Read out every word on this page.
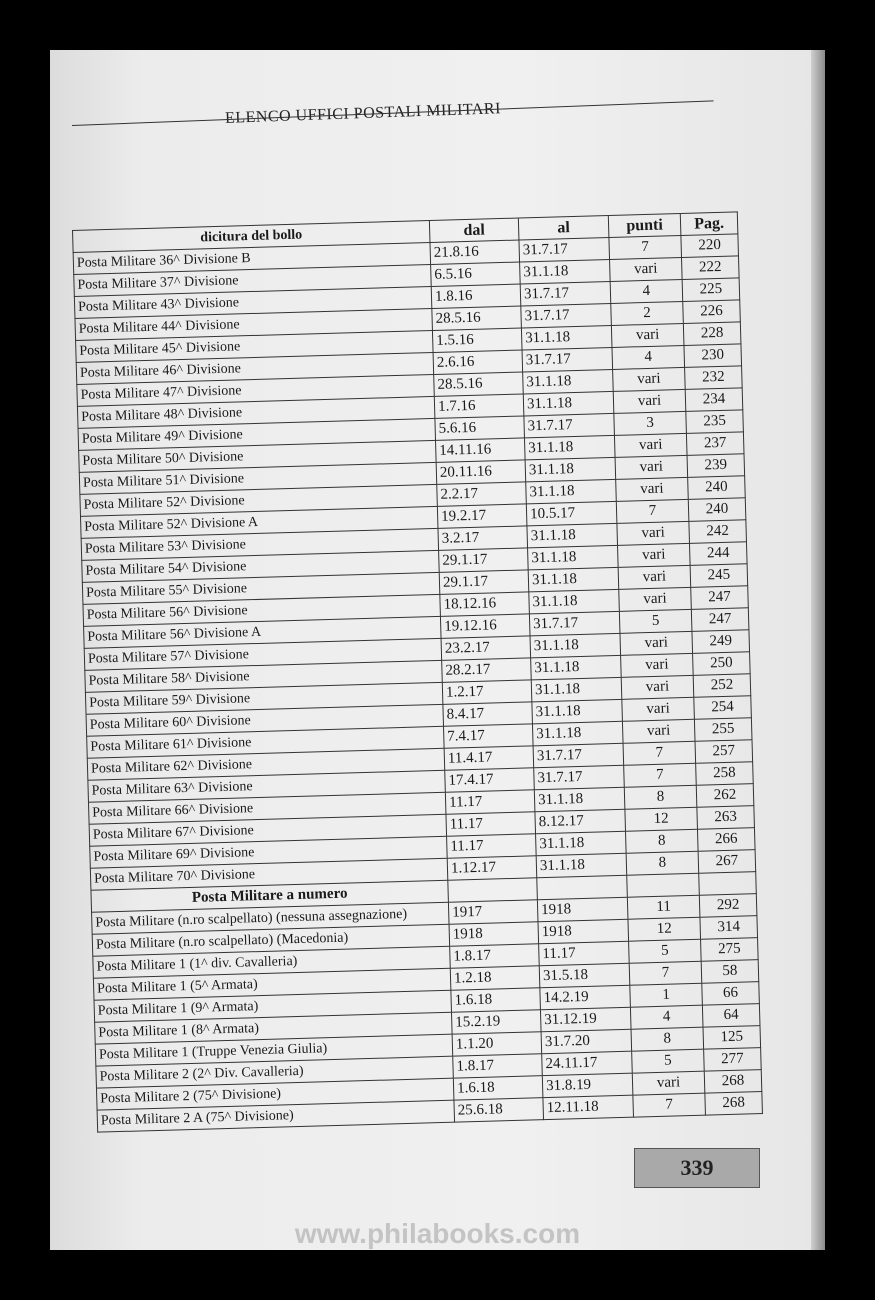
ELENCO UFFICI POSTALI MILITARI
dicitura del bollo	dal	al	punti	Pag.
Posta Militare 36^ Divisione B	21.8.16	31.7.17	7	220
Posta Militare 37^ Divisione	6.5.16	31.1.18	vari	222
Posta Militare 43^ Divisione	1.8.16	31.7.17	4	225
Posta Militare 44^ Divisione	28.5.16	31.7.17	2	226
Posta Militare 45^ Divisione	1.5.16	31.1.18	vari	228
Posta Militare 46^ Divisione	2.6.16	31.7.17	4	230
Posta Militare 47^ Divisione	28.5.16	31.1.18	vari	232
Posta Militare 48^ Divisione	1.7.16	31.1.18	vari	234
Posta Militare 49^ Divisione	5.6.16	31.7.17	3	235
Posta Militare 50^ Divisione	14.11.16	31.1.18	vari	237
Posta Militare 51^ Divisione	20.11.16	31.1.18	vari	239
Posta Militare 52^ Divisione	2.2.17	31.1.18	vari	240
Posta Militare 52^ Divisione A	19.2.17	10.5.17	7	240
Posta Militare 53^ Divisione	3.2.17	31.1.18	vari	242
Posta Militare 54^ Divisione	29.1.17	31.1.18	vari	244
Posta Militare 55^ Divisione	29.1.17	31.1.18	vari	245
Posta Militare 56^ Divisione	18.12.16	31.1.18	vari	247
Posta Militare 56^ Divisione A	19.12.16	31.7.17	5	247
Posta Militare 57^ Divisione	23.2.17	31.1.18	vari	249
Posta Militare 58^ Divisione	28.2.17	31.1.18	vari	250
Posta Militare 59^ Divisione	1.2.17	31.1.18	vari	252
Posta Militare 60^ Divisione	8.4.17	31.1.18	vari	254
Posta Militare 61^ Divisione	7.4.17	31.1.18	vari	255
Posta Militare 62^ Divisione	11.4.17	31.7.17	7	257
Posta Militare 63^ Divisione	17.4.17	31.7.17	7	258
Posta Militare 66^ Divisione	11.17	31.1.18	8	262
Posta Militare 67^ Divisione	11.17	8.12.17	12	263
Posta Militare 69^ Divisione	11.17	31.1.18	8	266
Posta Militare 70^ Divisione	1.12.17	31.1.18	8	267
Posta Militare a numero				
Posta Militare (n.ro scalpellato) (nessuna assegnazione)	1917	1918	11	292
Posta Militare (n.ro scalpellato) (Macedonia)	1918	1918	12	314
Posta Militare 1 (1^ div. Cavalleria)	1.8.17	11.17	5	275
Posta Militare 1 (5^ Armata)	1.2.18	31.5.18	7	58
Posta Militare 1 (9^ Armata)	1.6.18	14.2.19	1	66
Posta Militare 1 (8^ Armata)	15.2.19	31.12.19	4	64
Posta Militare 1 (Truppe Venezia Giulia)	1.1.20	31.7.20	8	125
Posta Militare 2 (2^ Div. Cavalleria)	1.8.17	24.11.17	5	277
Posta Militare 2 (75^ Divisione)	1.6.18	31.8.19	vari	268
Posta Militare 2 A (75^ Divisione)	25.6.18	12.11.18	7	268
339
www.philabooks.com
